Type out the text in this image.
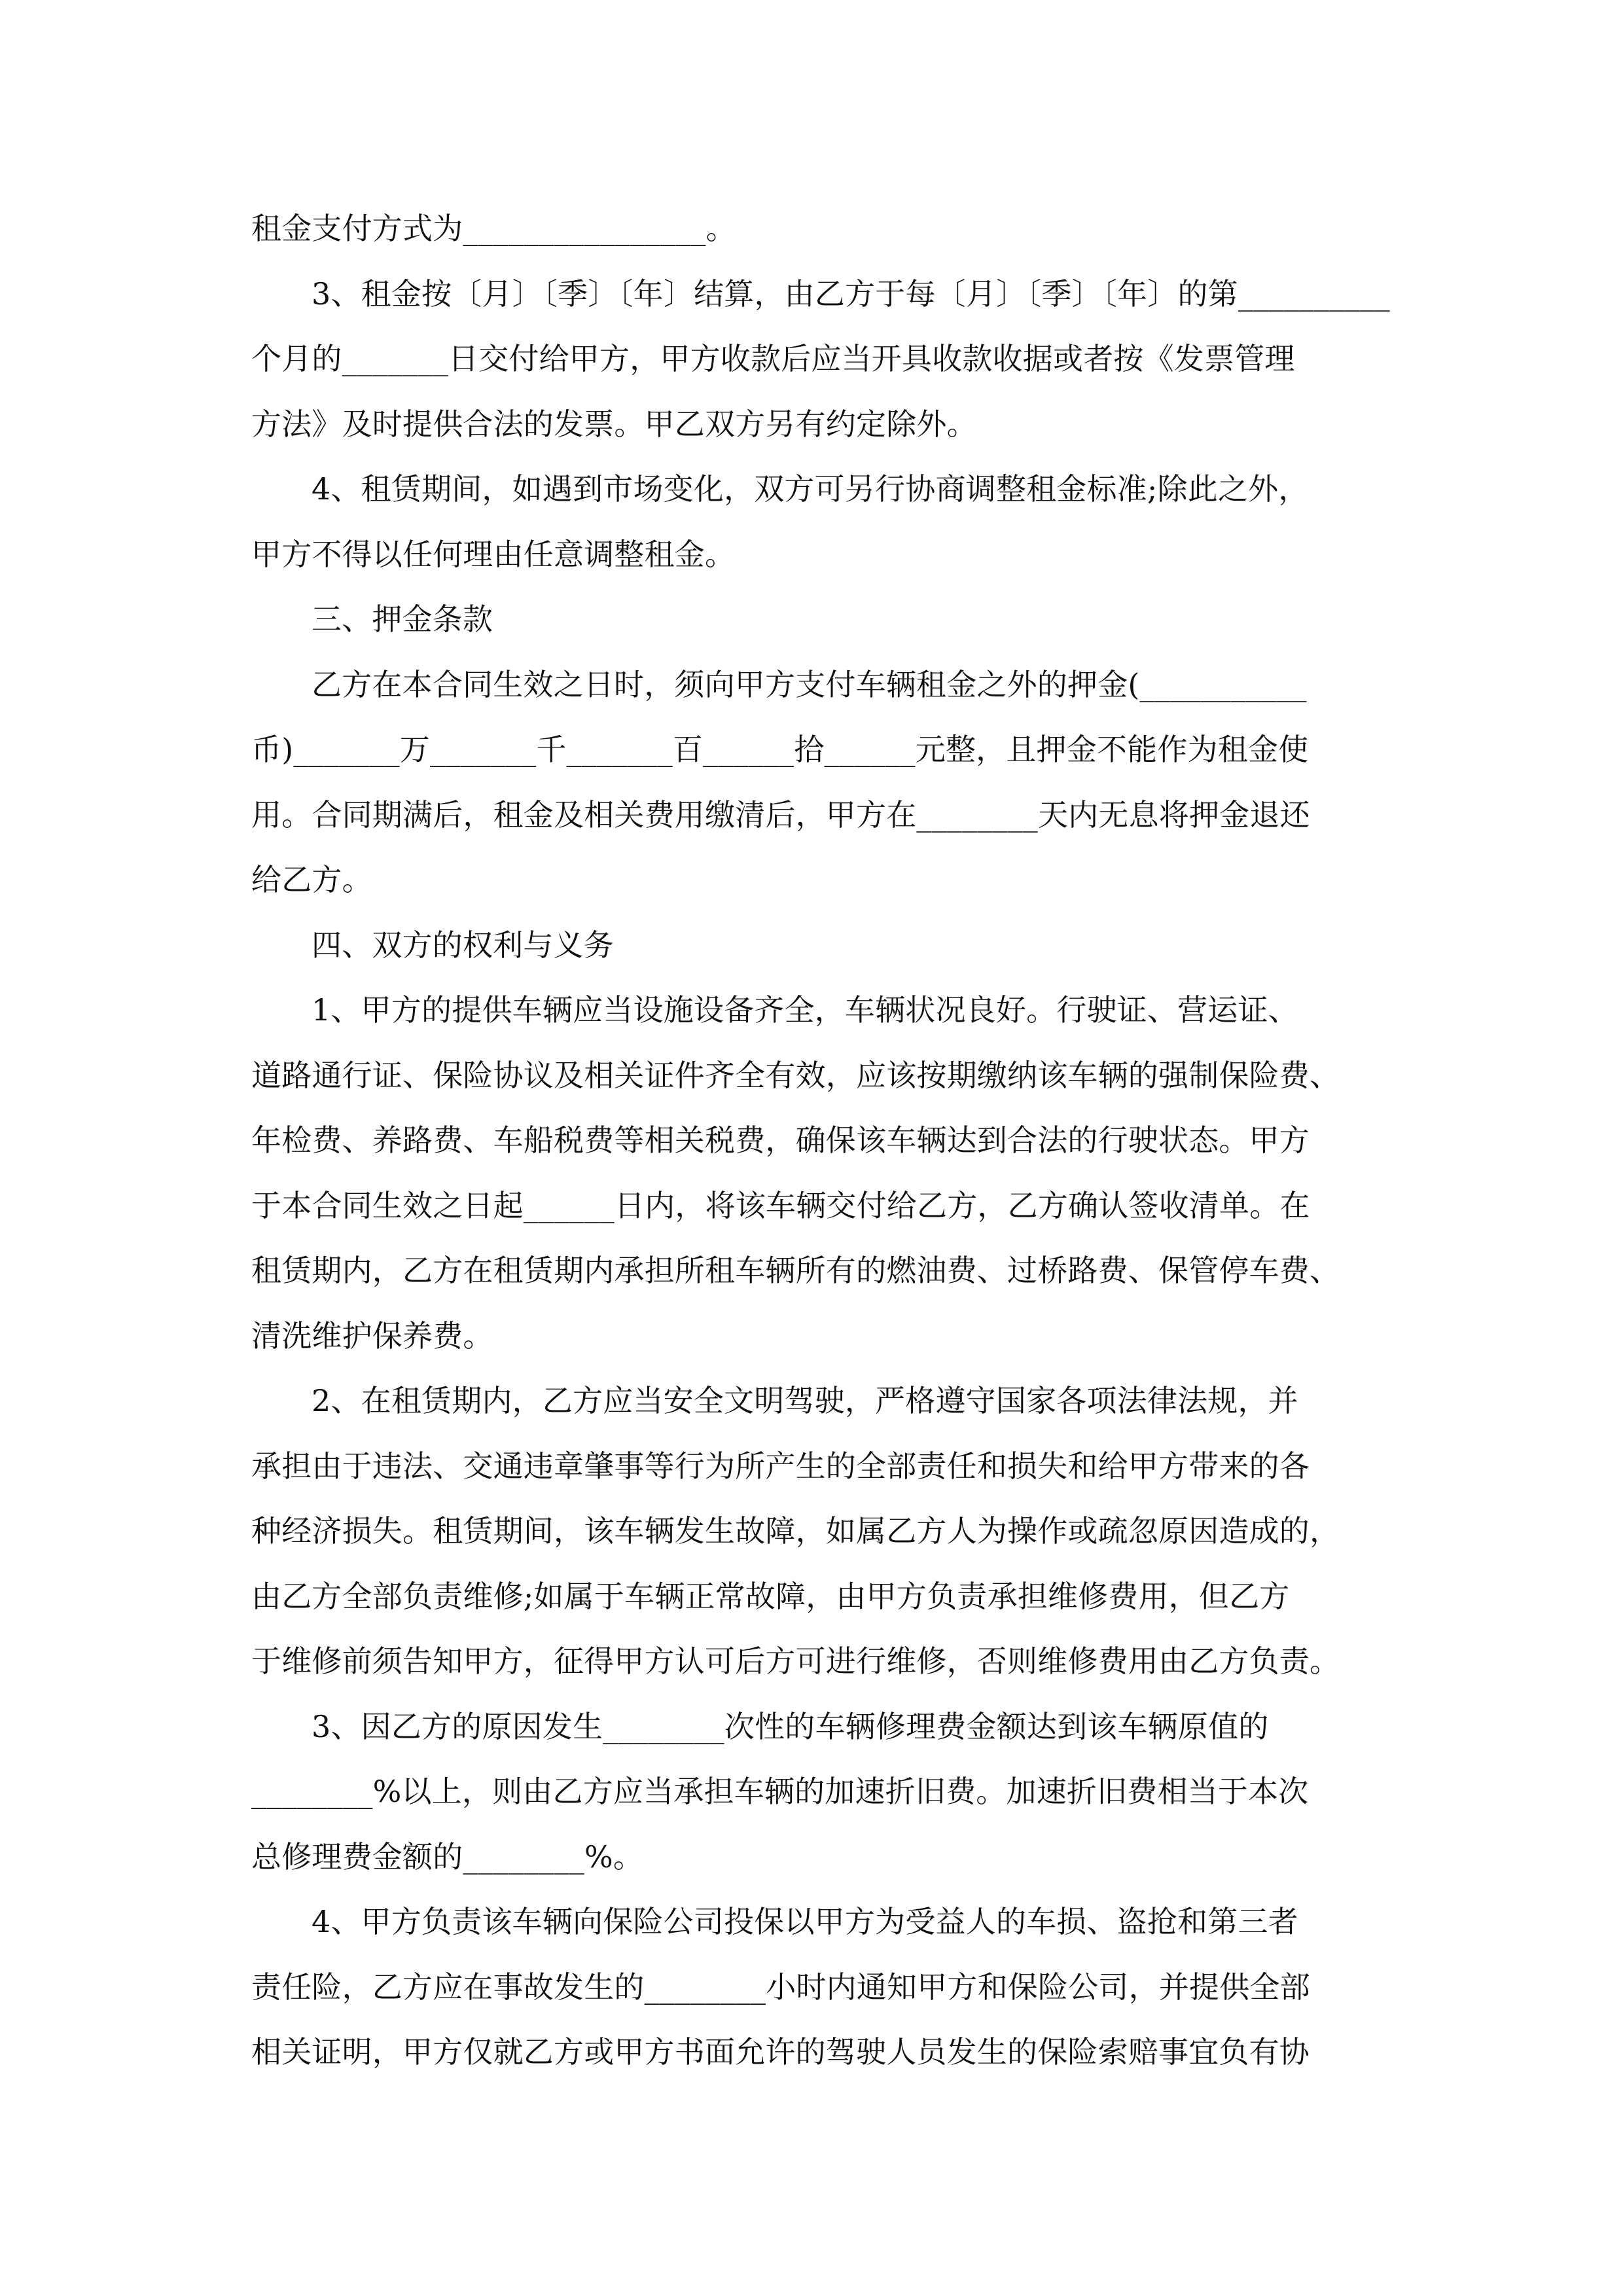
租金支付方式为________________。
3、租金按〔月〕〔季〕〔年〕结算，由乙方于每〔月〕〔季〕〔年〕的第__________
个月的_______日交付给甲方，甲方收款后应当开具收款收据或者按《发票管理
方法》及时提供合法的发票。甲乙双方另有约定除外。
4、租赁期间，如遇到市场变化，双方可另行协商调整租金标准;除此之外，
甲方不得以任何理由任意调整租金。
三、押金条款
乙方在本合同生效之日时，须向甲方支付车辆租金之外的押金(___________
币)_______万_______千_______百______拾______元整，且押金不能作为租金使
用。合同期满后，租金及相关费用缴清后，甲方在________天内无息将押金退还
给乙方。
四、双方的权利与义务
1、甲方的提供车辆应当设施设备齐全，车辆状况良好。行驶证、营运证、
道路通行证、保险协议及相关证件齐全有效，应该按期缴纳该车辆的强制保险费、
年检费、养路费、车船税费等相关税费，确保该车辆达到合法的行驶状态。甲方
于本合同生效之日起______日内，将该车辆交付给乙方，乙方确认签收清单。在
租赁期内，乙方在租赁期内承担所租车辆所有的燃油费、过桥路费、保管停车费、
清洗维护保养费。
2、在租赁期内，乙方应当安全文明驾驶，严格遵守国家各项法律法规，并
承担由于违法、交通违章肇事等行为所产生的全部责任和损失和给甲方带来的各
种经济损失。租赁期间，该车辆发生故障，如属乙方人为操作或疏忽原因造成的，
由乙方全部负责维修;如属于车辆正常故障，由甲方负责承担维修费用，但乙方
于维修前须告知甲方，征得甲方认可后方可进行维修，否则维修费用由乙方负责。
3、因乙方的原因发生________次性的车辆修理费金额达到该车辆原值的
________%以上，则由乙方应当承担车辆的加速折旧费。加速折旧费相当于本次
总修理费金额的________%。
4、甲方负责该车辆向保险公司投保以甲方为受益人的车损、盗抢和第三者
责任险，乙方应在事故发生的________小时内通知甲方和保险公司，并提供全部
相关证明，甲方仅就乙方或甲方书面允许的驾驶人员发生的保险索赔事宜负有协
